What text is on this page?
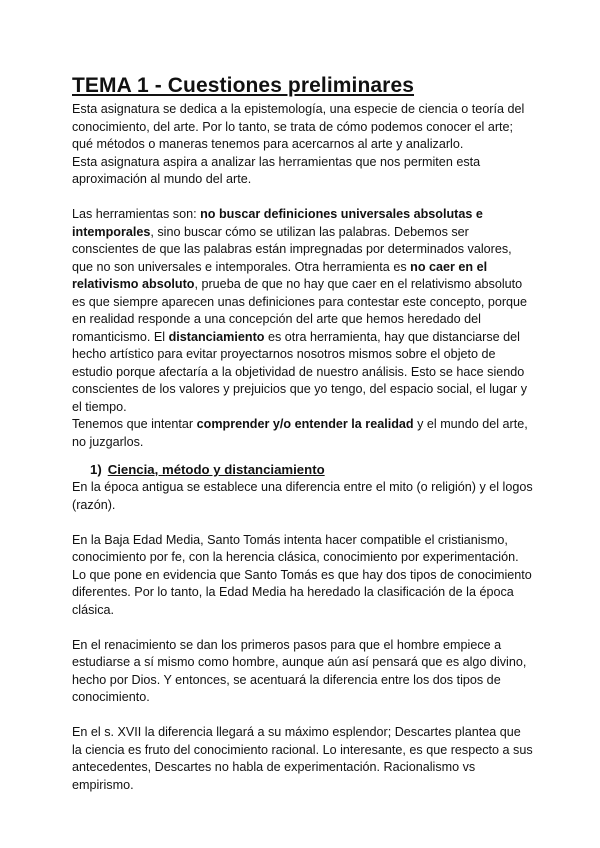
TEMA 1 - Cuestiones preliminares

Esta asignatura se dedica a la epistemología, una especie de ciencia o teoría del conocimiento, del arte. Por lo tanto, se trata de cómo podemos conocer el arte; qué métodos o maneras tenemos para acercarnos al arte y analizarlo.

Esta asignatura aspira a analizar las herramientas que nos permiten esta aproximación al mundo del arte.

Las herramientas son: no buscar definiciones universales absolutas e intemporales, sino buscar cómo se utilizan las palabras. Debemos ser conscientes de que las palabras están impregnadas por determinados valores, que no son universales e intemporales. Otra herramienta es no caer en el relativismo absoluto, prueba de que no hay que caer en el relativismo absoluto es que siempre aparecen unas definiciones para contestar este concepto, porque en realidad responde a una concepción del arte que hemos heredado del romanticismo. El distanciamiento es otra herramienta, hay que distanciarse del hecho artístico para evitar proyectarnos nosotros mismos sobre el objeto de estudio porque afectaría a la objetividad de nuestro análisis. Esto se hace siendo conscientes de los valores y prejuicios que yo tengo, del espacio social, el lugar y el tiempo.

Tenemos que intentar comprender y/o entender la realidad y el mundo del arte, no juzgarlos.

1) Ciencia, método y distanciamiento

En la época antigua se establece una diferencia entre el mito (o religión) y el logos (razón).

En la Baja Edad Media, Santo Tomás intenta hacer compatible el cristianismo, conocimiento por fe, con la herencia clásica, conocimiento por experimentación.

Lo que pone en evidencia que Santo Tomás es que hay dos tipos de conocimiento diferentes. Por lo tanto, la Edad Media ha heredado la clasificación de la época clásica.

En el renacimiento se dan los primeros pasos para que el hombre empiece a estudiarse a sí mismo como hombre, aunque aún así pensará que es algo divino, hecho por Dios. Y entonces, se acentuará la diferencia entre los dos tipos de conocimiento.

En el s. XVII la diferencia llegará a su máximo esplendor; Descartes plantea que la ciencia es fruto del conocimiento racional. Lo interesante, es que respecto a sus antecedentes, Descartes no habla de experimentación. Racionalismo vs empirismo.
